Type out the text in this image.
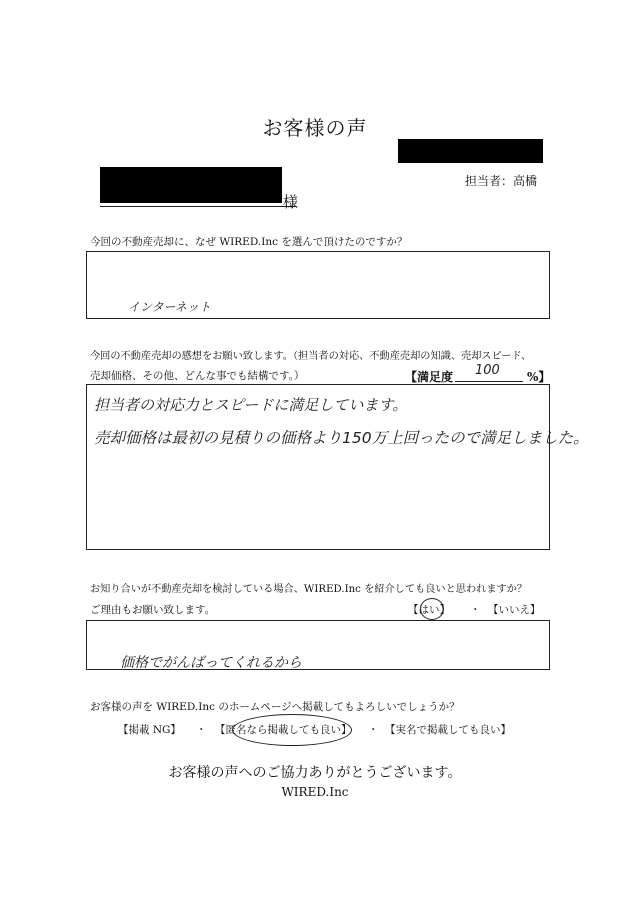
お客様の声
担当者：高橋
様
今回の不動産売却に、なぜ WIRED.Inc を選んで頂けたのですか？
インターネット
今回の不動産売却の感想をお願い致します。（担当者の対応、不動産売却の知識、売却スピード、
売却価格、その他、どんな事でも結構です。）	【満足度 100 %】
担当者の対応力とスピードに満足しています。
売却価格は最初の見積りの価格より150万上回ったので満足しました。
お知り合いが不動産売却を検討している場合、WIRED.Inc を紹介しても良いと思われますか？
ご理由もお願い致します。	【はい】 ・ 【いいえ】
価格でがんばってくれるから
お客様の声を WIRED.Inc のホームページへ掲載してもよろしいでしょうか？
【掲載 NG】 ・ 【匿名なら掲載しても良い】 ・ 【実名で掲載しても良い】
お客様の声へのご協力ありがとうございます。
WIRED.Inc
